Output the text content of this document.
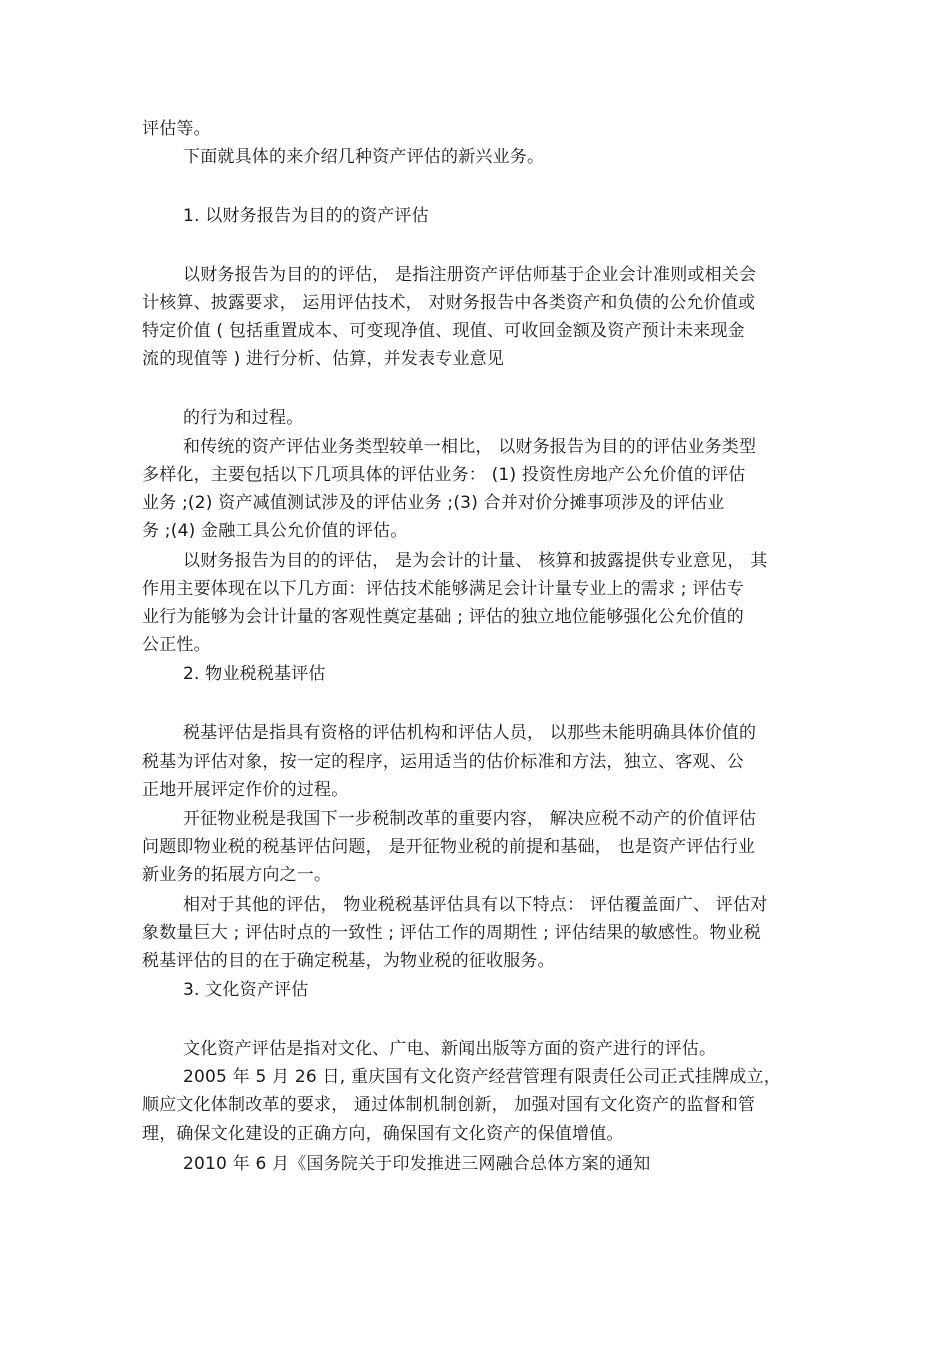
评估等。

下面就具体的来介绍几种资产评估的新兴业务。

1. 以财务报告为目的的资产评估

以财务报告为目的的评估， 是指注册资产评估师基于企业会计准则或相关会

计核算、披露要求， 运用评估技术， 对财务报告中各类资产和负债的公允价值或

特定价值 ( 包括重置成本、可变现净值、现值、可收回金额及资产预计未来现金

流的现值等 ) 进行分析、估算，并发表专业意见

的行为和过程。

和传统的资产评估业务类型较单一相比， 以财务报告为目的的评估业务类型

多样化，主要包括以下几项具体的评估业务： (1) 投资性房地产公允价值的评估

业务 ;(2) 资产减值测试涉及的评估业务 ;(3) 合并对价分摊事项涉及的评估业

务 ;(4) 金融工具公允价值的评估。

以财务报告为目的的评估， 是为会计的计量、 核算和披露提供专业意见， 其

作用主要体现在以下几方面：评估技术能够满足会计计量专业上的需求 ; 评估专

业行为能够为会计计量的客观性奠定基础 ; 评估的独立地位能够强化公允价值的

公正性。

2. 物业税税基评估

税基评估是指具有资格的评估机构和评估人员， 以那些未能明确具体价值的

税基为评估对象，按一定的程序，运用适当的估价标准和方法，独立、客观、公

正地开展评定作价的过程。

开征物业税是我国下一步税制改革的重要内容， 解决应税不动产的价值评估

问题即物业税的税基评估问题， 是开征物业税的前提和基础， 也是资产评估行业

新业务的拓展方向之一。

相对于其他的评估， 物业税税基评估具有以下特点： 评估覆盖面广、 评估对

象数量巨大 ; 评估时点的一致性 ; 评估工作的周期性 ; 评估结果的敏感性。物业税

税基评估的目的在于确定税基，为物业税的征收服务。

3. 文化资产评估

文化资产评估是指对文化、广电、新闻出版等方面的资产进行的评估。

2005 年 5 月 26 日, 重庆国有文化资产经营管理有限责任公司正式挂牌成立，

顺应文化体制改革的要求， 通过体制机制创新， 加强对国有文化资产的监督和管

理，确保文化建设的正确方向，确保国有文化资产的保值增值。

2010 年 6 月《国务院关于印发推进三网融合总体方案的通知
